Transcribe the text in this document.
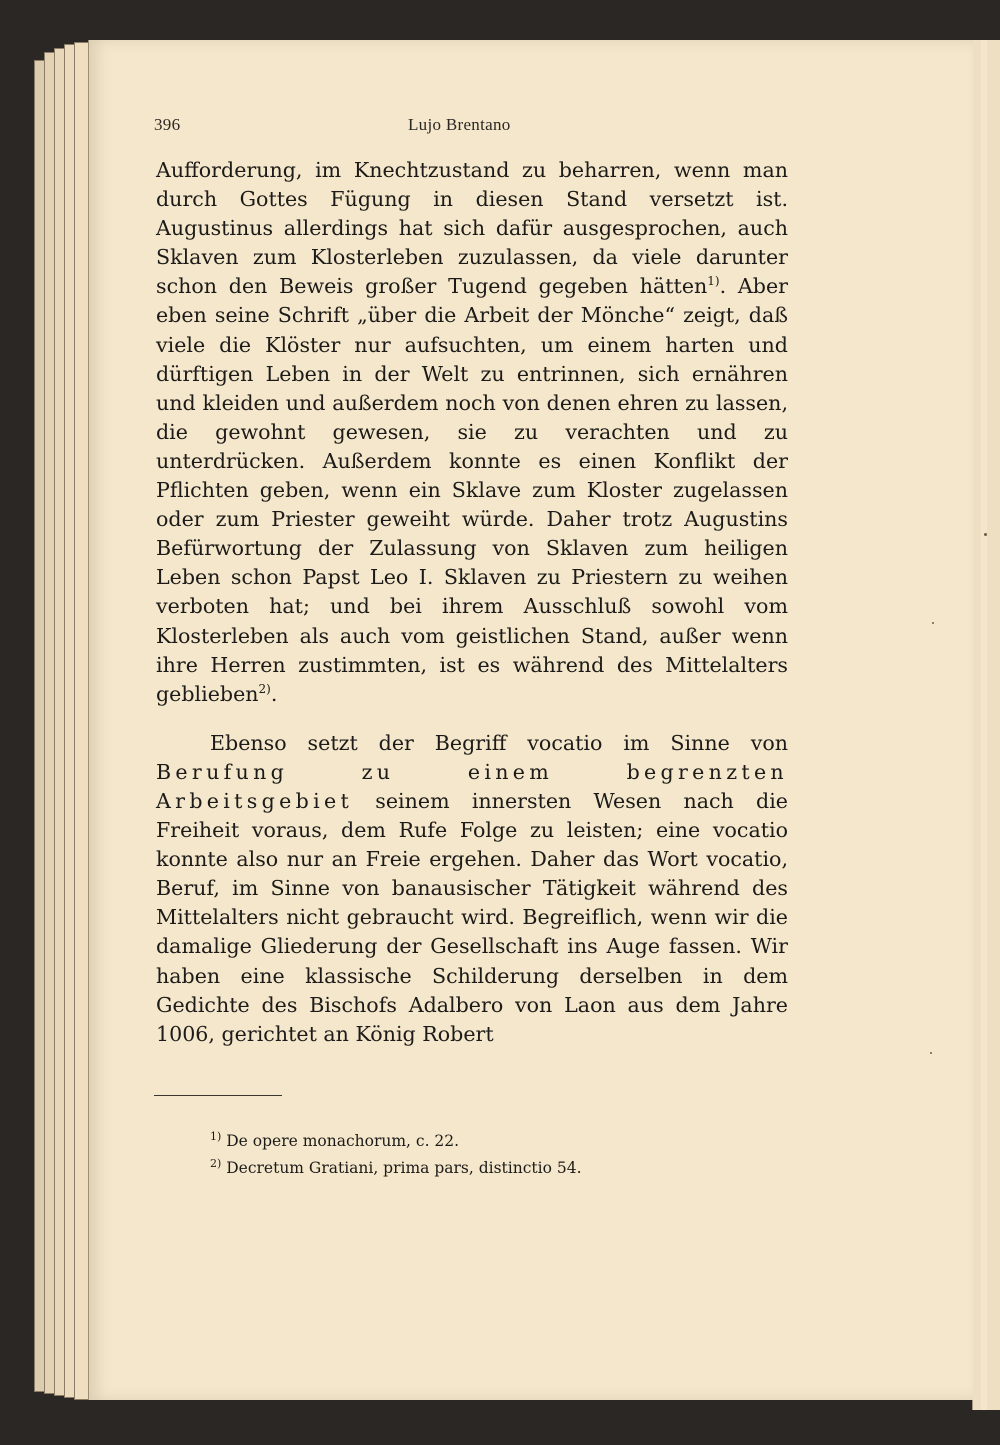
396	Lujo Brentano

Aufforderung, im Knechtzustand zu beharren, wenn man durch Gottes Fügung in diesen Stand versetzt ist. Augustinus allerdings hat sich dafür ausgesprochen, auch Sklaven zum Klosterleben zuzulassen, da viele darunter schon den Beweis großer Tugend gegeben hätten$^{1)}$. Aber eben seine Schrift „über die Arbeit der Mönche“ zeigt, daß viele die Klöster nur aufsuchten, um einem harten und dürftigen Leben in der Welt zu entrinnen, sich ernähren und kleiden und außerdem noch von denen ehren zu lassen, die gewohnt gewesen, sie zu verachten und zu unterdrücken. Außerdem konnte es einen Konflikt der Pflichten geben, wenn ein Sklave zum Kloster zugelassen oder zum Priester geweiht würde. Daher trotz Augustins Befürwortung der Zulassung von Sklaven zum heiligen Leben schon Papst Leo I. Sklaven zu Priestern zu weihen verboten hat; und bei ihrem Ausschluß sowohl vom Klosterleben als auch vom geistlichen Stand, außer wenn ihre Herren zustimmten, ist es während des Mittelalters geblieben$^{2)}$.

Ebenso setzt der Begriff vocatio im Sinne von Berufung zu einem begrenzten Arbeitsgebiet seinem innersten Wesen nach die Freiheit voraus, dem Rufe Folge zu leisten; eine vocatio konnte also nur an Freie ergehen. Daher das Wort vocatio, Beruf, im Sinne von banausischer Tätigkeit während des Mittelalters nicht gebraucht wird. Begreiflich, wenn wir die damalige Gliederung der Gesellschaft ins Auge fassen. Wir haben eine klassische Schilderung derselben in dem Gedichte des Bischofs Adalbero von Laon aus dem Jahre 1006, gerichtet an König Robert

$^{1)}$ De opere monachorum, c. 22.
$^{2)}$ Decretum Gratiani, prima pars, distinctio 54.
